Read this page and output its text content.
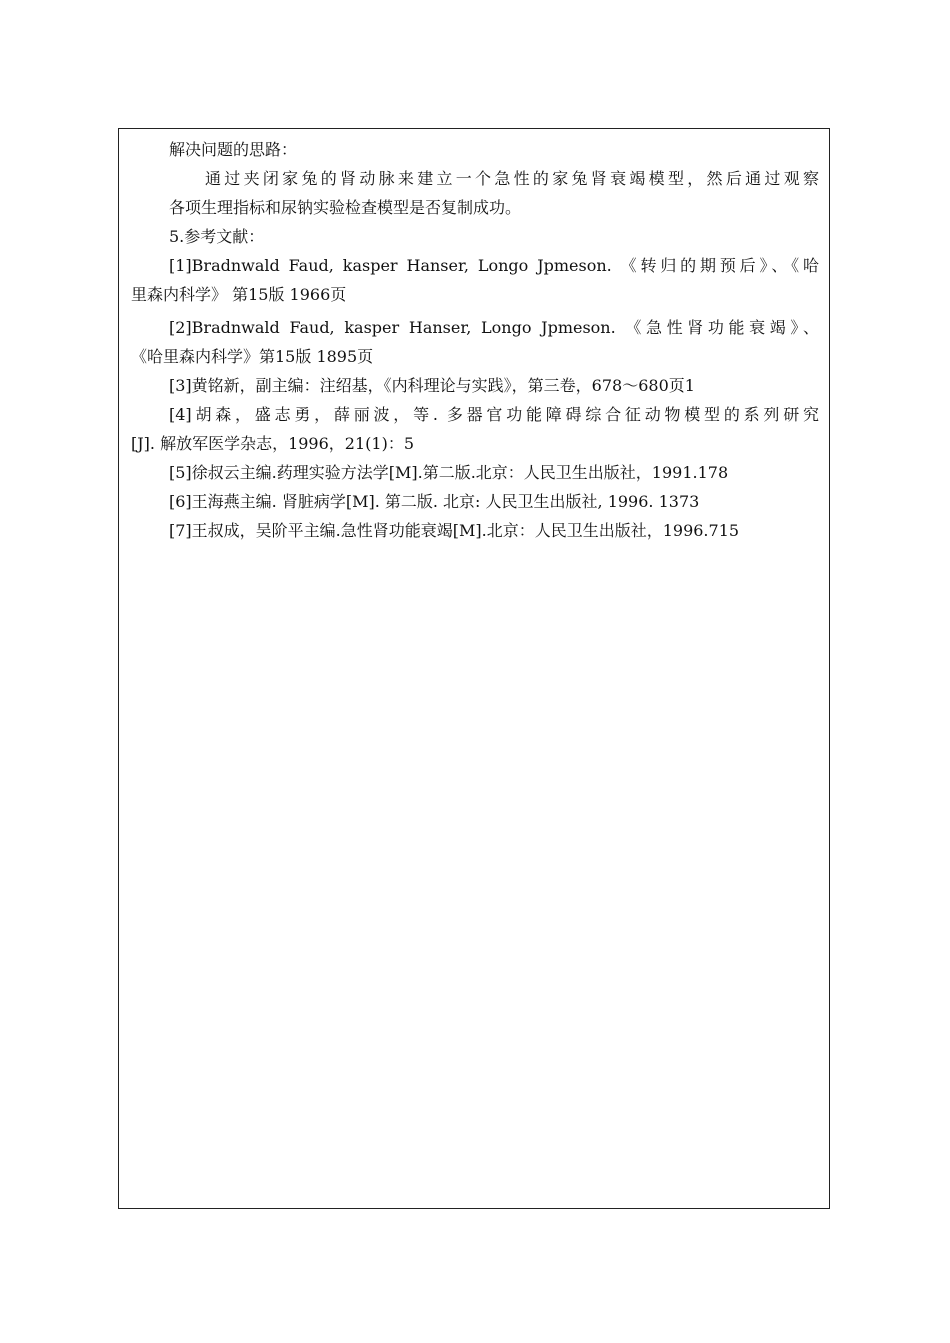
解决问题的思路：
通过夹闭家兔的肾动脉来建立一个急性的家兔肾衰竭模型，然后通过观察
各项生理指标和尿钠实验检查模型是否复制成功。
5.参考文献：
[1]Bradnwald Faud, kasper Hanser, Longo Jpmeson. 《转归的期预后》、《哈
里森内科学》 第15版 1966页
[2]Bradnwald Faud, kasper Hanser, Longo Jpmeson. 《急性肾功能衰竭》、
《哈里森内科学》第15版 1895页
[3]黄铭新，副主编：注绍基，《内科理论与实践》，第三卷，678～680页1
[4]胡森，盛志勇，薛丽波，等. 多器官功能障碍综合征动物模型的系列研究
[J]. 解放军医学杂志，1996，21(1)：5
[5]徐叔云主编.药理实验方法学[M].第二版.北京：人民卫生出版社，1991.178
[6]王海燕主编. 肾脏病学[M]. 第二版. 北京: 人民卫生出版社, 1996. 1373
[7]王叔成，吴阶平主编.急性肾功能衰竭[M].北京：人民卫生出版社，1996.715
